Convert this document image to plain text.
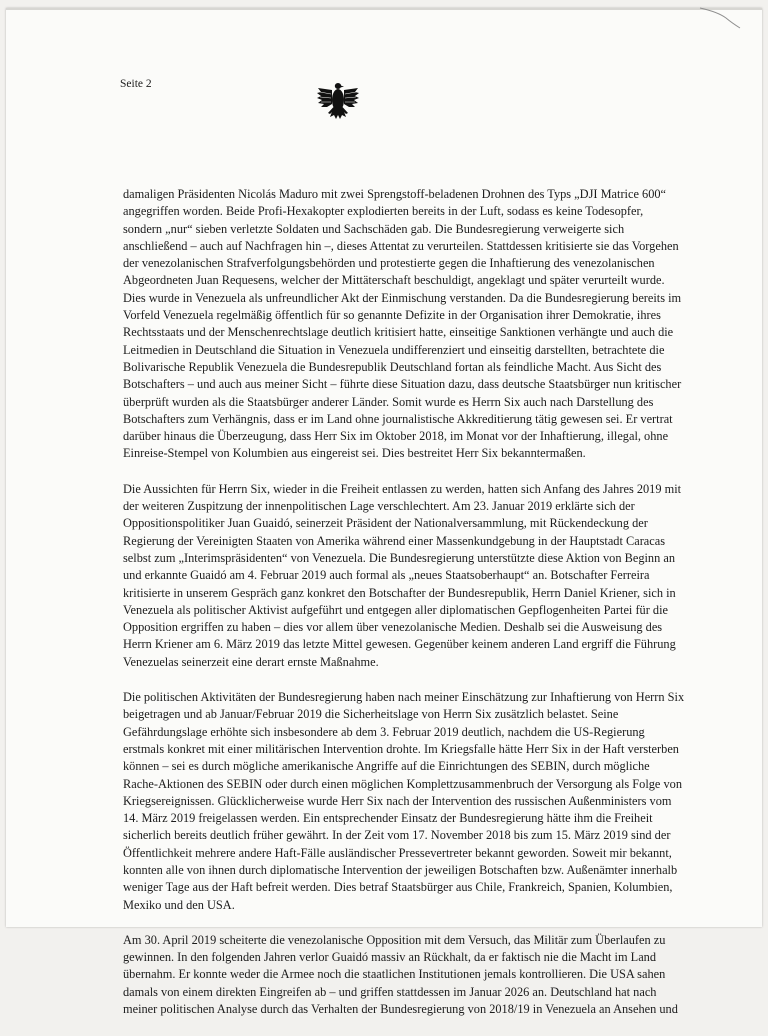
Seite 2

damaligen Präsidenten Nicolás Maduro mit zwei Sprengstoff-beladenen Drohnen des Typs „DJI Matrice 600“
angegriffen worden. Beide Profi-Hexakopter explodierten bereits in der Luft, sodass es keine Todesopfer,
sondern „nur“ sieben verletzte Soldaten und Sachschäden gab. Die Bundesregierung verweigerte sich
anschließend – auch auf Nachfragen hin –, dieses Attentat zu verurteilen. Stattdessen kritisierte sie das Vorgehen
der venezolanischen Strafverfolgungsbehörden und protestierte gegen die Inhaftierung des venezolanischen
Abgeordneten Juan Requesens, welcher der Mittäterschaft beschuldigt, angeklagt und später verurteilt wurde.
Dies wurde in Venezuela als unfreundlicher Akt der Einmischung verstanden. Da die Bundesregierung bereits im
Vorfeld Venezuela regelmäßig öffentlich für so genannte Defizite in der Organisation ihrer Demokratie, ihres
Rechtsstaats und der Menschenrechtslage deutlich kritisiert hatte, einseitige Sanktionen verhängte und auch die
Leitmedien in Deutschland die Situation in Venezuela undifferenziert und einseitig darstellten, betrachtete die
Bolivarische Republik Venezuela die Bundesrepublik Deutschland fortan als feindliche Macht. Aus Sicht des
Botschafters – und auch aus meiner Sicht – führte diese Situation dazu, dass deutsche Staatsbürger nun kritischer
überprüft wurden als die Staatsbürger anderer Länder. Somit wurde es Herrn Six auch nach Darstellung des
Botschafters zum Verhängnis, dass er im Land ohne journalistische Akkreditierung tätig gewesen sei. Er vertrat
darüber hinaus die Überzeugung, dass Herr Six im Oktober 2018, im Monat vor der Inhaftierung, illegal, ohne
Einreise-Stempel von Kolumbien aus eingereist sei. Dies bestreitet Herr Six bekanntermaßen.

Die Aussichten für Herrn Six, wieder in die Freiheit entlassen zu werden, hatten sich Anfang des Jahres 2019 mit
der weiteren Zuspitzung der innenpolitischen Lage verschlechtert. Am 23. Januar 2019 erklärte sich der
Oppositionspolitiker Juan Guaidó, seinerzeit Präsident der Nationalversammlung, mit Rückendeckung der
Regierung der Vereinigten Staaten von Amerika während einer Massenkundgebung in der Hauptstadt Caracas
selbst zum „Interimspräsidenten“ von Venezuela. Die Bundesregierung unterstützte diese Aktion von Beginn an
und erkannte Guaidó am 4. Februar 2019 auch formal als „neues Staatsoberhaupt“ an. Botschafter Ferreira
kritisierte in unserem Gespräch ganz konkret den Botschafter der Bundesrepublik, Herrn Daniel Kriener, sich in
Venezuela als politischer Aktivist aufgeführt und entgegen aller diplomatischen Gepflogenheiten Partei für die
Opposition ergriffen zu haben – dies vor allem über venezolanische Medien. Deshalb sei die Ausweisung des
Herrn Kriener am 6. März 2019 das letzte Mittel gewesen. Gegenüber keinem anderen Land ergriff die Führung
Venezuelas seinerzeit eine derart ernste Maßnahme.

Die politischen Aktivitäten der Bundesregierung haben nach meiner Einschätzung zur Inhaftierung von Herrn Six
beigetragen und ab Januar/Februar 2019 die Sicherheitslage von Herrn Six zusätzlich belastet. Seine
Gefährdungslage erhöhte sich insbesondere ab dem 3. Februar 2019 deutlich, nachdem die US-Regierung
erstmals konkret mit einer militärischen Intervention drohte. Im Kriegsfalle hätte Herr Six in der Haft versterben
können – sei es durch mögliche amerikanische Angriffe auf die Einrichtungen des SEBIN, durch mögliche
Rache-Aktionen des SEBIN oder durch einen möglichen Komplettzusammenbruch der Versorgung als Folge von
Kriegsereignissen. Glücklicherweise wurde Herr Six nach der Intervention des russischen Außenministers vom
14. März 2019 freigelassen werden. Ein entsprechender Einsatz der Bundesregierung hätte ihm die Freiheit
sicherlich bereits deutlich früher gewährt. In der Zeit vom 17. November 2018 bis zum 15. März 2019 sind der
Öffentlichkeit mehrere andere Haft-Fälle ausländischer Pressevertreter bekannt geworden. Soweit mir bekannt,
konnten alle von ihnen durch diplomatische Intervention der jeweiligen Botschaften bzw. Außenämter innerhalb
weniger Tage aus der Haft befreit werden. Dies betraf Staatsbürger aus Chile, Frankreich, Spanien, Kolumbien,
Mexiko und den USA.

Am 30. April 2019 scheiterte die venezolanische Opposition mit dem Versuch, das Militär zum Überlaufen zu
gewinnen. In den folgenden Jahren verlor Guaidó massiv an Rückhalt, da er faktisch nie die Macht im Land
übernahm. Er konnte weder die Armee noch die staatlichen Institutionen jemals kontrollieren. Die USA sahen
damals von einem direkten Eingreifen ab – und griffen stattdessen im Januar 2026 an. Deutschland hat nach
meiner politischen Analyse durch das Verhalten der Bundesregierung von 2018/19 in Venezuela an Ansehen und
